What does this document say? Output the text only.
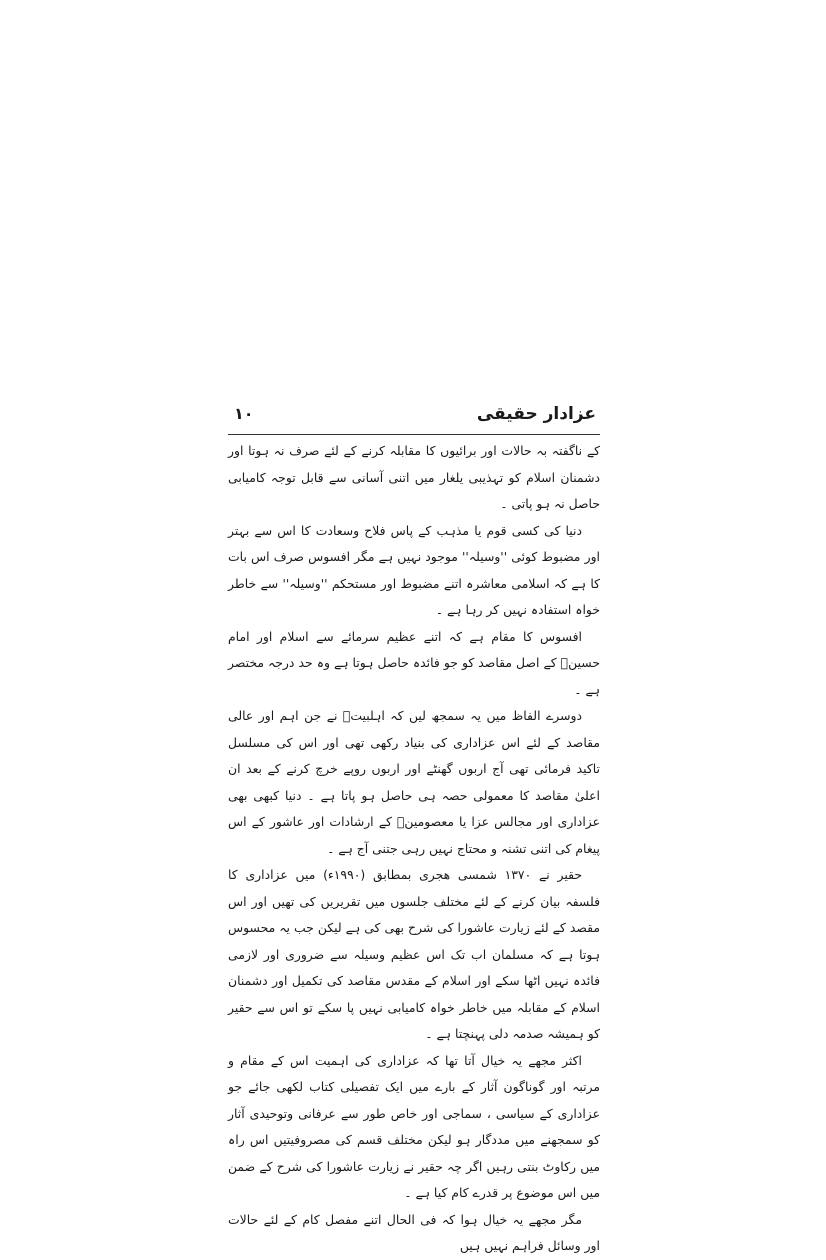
عزادار حقیقی
۱۰

کے ناگفتہ بہ حالات اور برائیوں کا مقابلہ کرنے کے لئے صرف نہ ہوتا اور دشمنان اسلام کو تہذیبی یلغار میں اتنی آسانی سے قابل توجہ کامیابی حاصل نہ ہو پاتی ۔

دنیا کی کسی قوم یا مذہب کے پاس فلاح وسعادت کا اس سے بہتر اور مضبوط کوئی ''وسیلہ'' موجود نہیں ہے مگر افسوس صرف اس بات کا ہے کہ اسلامی معاشرہ اتنے مضبوط اور مستحکم ''وسیلہ'' سے خاطر خواہ استفادہ نہیں کر رہا ہے ۔

افسوس کا مقام ہے کہ اتنے عظیم سرمائے سے اسلام اور امام حسینؑ کے اصل مقاصد کو جو فائدہ حاصل ہوتا ہے وہ حد درجہ مختصر ہے ۔

دوسرے الفاظ میں یہ سمجھ لیں کہ اہلبیتؑ نے جن اہم اور عالی مقاصد کے لئے اس عزاداری کی بنیاد رکھی تھی اور اس کی مسلسل تاکید فرمائی تھی آج اربوں گھنٹے اور اربوں روپے خرچ کرنے کے بعد ان اعلیٰ مقاصد کا معمولی حصہ ہی حاصل ہو پاتا ہے ۔ دنیا کبھی بھی عزاداری اور مجالس عزا یا معصومینؑ کے ارشادات اور عاشور کے اس پیغام کی اتنی تشنہ و محتاج نہیں رہی جتنی آج ہے ۔

حقیر نے ۱۳۷۰ شمسی ھجری بمطابق (۱۹۹۰ء) میں عزاداری کا فلسفہ بیان کرنے کے لئے مختلف جلسوں میں تقریریں کی تھیں اور اس مقصد کے لئے زیارت عاشورا کی شرح بھی کی ہے لیکن جب یہ محسوس ہوتا ہے کہ مسلمان اب تک اس عظیم وسیلہ سے ضروری اور لازمی فائدہ نہیں اٹھا سکے اور اسلام کے مقدس مقاصد کی تکمیل اور دشمنان اسلام کے مقابلہ میں خاطر خواہ کامیابی نہیں پا سکے تو اس سے حقیر کو ہمیشہ صدمہ دلی پہنچتا ہے ۔

اکثر مجھے یہ خیال آتا تھا کہ عزاداری کی اہمیت اس کے مقام و مرتبہ اور گوناگون آثار کے بارے میں ایک تفصیلی کتاب لکھی جائے جو عزاداری کے سیاسی ، سماجی اور خاص طور سے عرفانی وتوحیدی آثار کو سمجھنے میں مددگار ہو لیکن مختلف قسم کی مصروفیتیں اس راہ میں رکاوٹ بنتی رہیں اگر چہ حقیر نے زیارت عاشورا کی شرح کے ضمن میں اس موضوع پر قدرے کام کیا ہے ۔

مگر مجھے یہ خیال ہوا کہ فی الحال اتنے مفصل کام کے لئے حالات اور وسائل فراہم نہیں ہیں
